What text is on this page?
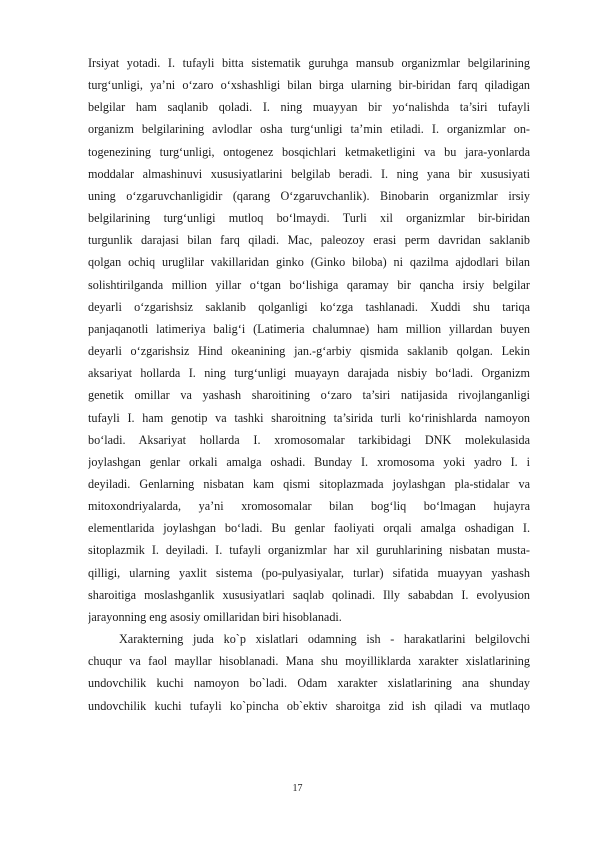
Irsiyat yotadi. I. tufayli bitta sistematik guruhga mansub organizmlar belgilarining
turg‘unligi, ya’ni o‘zaro o‘xshashligi bilan birga ularning bir-biridan farq qiladigan
belgilar ham saqlanib qoladi. I. ning muayyan bir yo‘nalishda ta’siri tufayli
organizm belgilarining avlodlar osha turg‘unligi ta’min etiladi. I. organizmlar on-
togenezining turg‘unligi, ontogenez bosqichlari ketmaketligini va bu jara-yonlarda
moddalar almashinuvi xususiyatlarini belgilab beradi. I. ning yana bir xususiyati
uning o‘zgaruvchanligidir (qarang O‘zgaruvchanlik). Binobarin organizmlar irsiy
belgilarining turg‘unligi mutloq bo‘lmaydi. Turli xil organizmlar bir-biridan
turgunlik darajasi bilan farq qiladi. Mac, paleozoy erasi perm davridan saklanib
qolgan ochiq uruglilar vakillaridan ginko (Ginko biloba) ni qazilma ajdodlari bilan
solishtirilganda million yillar o‘tgan bo‘lishiga qaramay bir qancha irsiy belgilar
deyarli o‘zgarishsiz saklanib qolganligi ko‘zga tashlanadi. Xuddi shu tariqa
panjaqanotli latimeriya balig‘i (Latimeria chalumnae) ham million yillardan buyen
deyarli o‘zgarishsiz Hind okeanining jan.-g‘arbiy qismida saklanib qolgan. Lekin
aksariyat hollarda I. ning turg‘unligi muayayn darajada nisbiy bo‘ladi. Organizm
genetik omillar va yashash sharoitining o‘zaro ta’siri natijasida rivojlanganligi
tufayli I. ham genotip va tashki sharoitning ta’sirida turli ko‘rinishlarda namoyon
bo‘ladi. Aksariyat hollarda I. xromosomalar tarkibidagi DNK molekulasida
joylashgan genlar orkali amalga oshadi. Bunday I. xromosoma yoki yadro I. i
deyiladi. Genlarning nisbatan kam qismi sitoplazmada joylashgan pla-stidalar va
mitoxondriyalarda, ya’ni xromosomalar bilan bog‘liq bo‘lmagan hujayra
elementlarida joylashgan bo‘ladi. Bu genlar faoliyati orqali amalga oshadigan I.
sitoplazmik I. deyiladi. I. tufayli organizmlar har xil guruhlarining nisbatan musta-
qilligi, ularning yaxlit sistema (po-pulyasiyalar, turlar) sifatida muayyan yashash
sharoitiga moslashganlik xususiyatlari saqlab qolinadi. Illy sababdan I. evolyusion
jarayonning eng asosiy omillaridan biri hisoblanadi.

Xarakterning juda ko`p xislatlari odamning ish - harakatlarini belgilovchi
chuqur va faol mayllar hisoblanadi. Mana shu moyilliklarda xarakter xislatlarining
undovchilik kuchi namoyon bo`ladi. Odam xarakter xislatlarining ana shunday
undovchilik kuchi tufayli ko`pincha ob`ektiv sharoitga zid ish qiladi va mutlaqo

17
